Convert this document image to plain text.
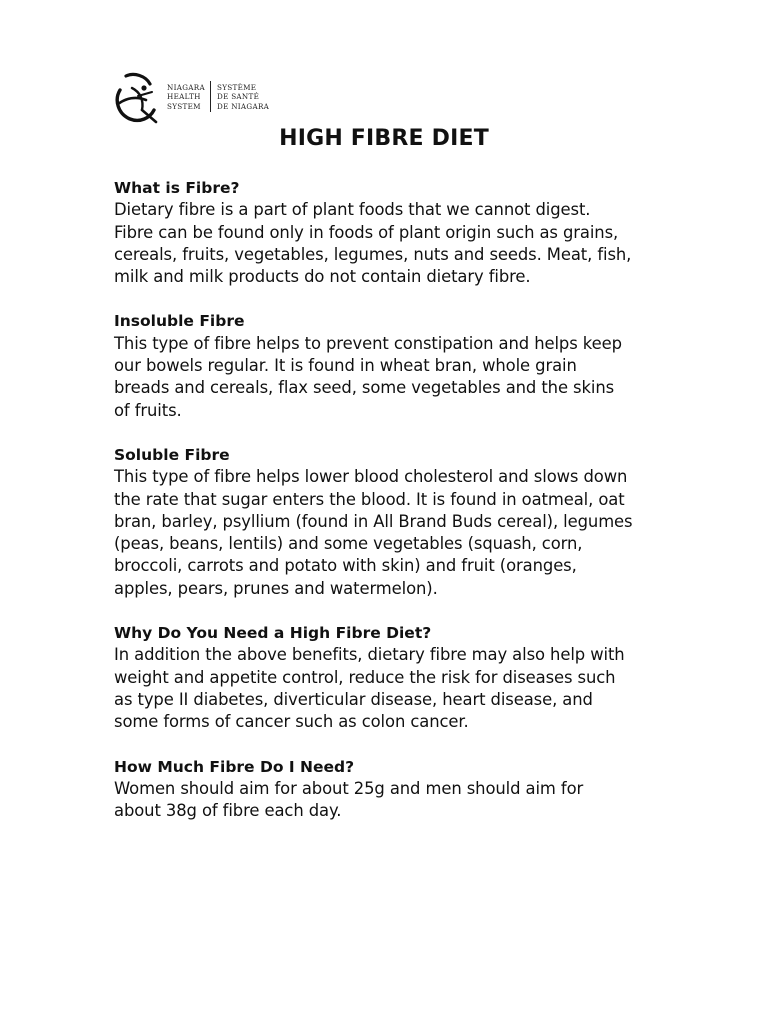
NIAGARA
HEALTH
SYSTEM
SYSTÈME
DE SANTÉ
DE NIAGARA
HIGH FIBRE DIET
What is Fibre?

Dietary fibre is a part of plant foods that we cannot digest.
Fibre can be found only in foods of plant origin such as grains,
cereals, fruits, vegetables, legumes, nuts and seeds. Meat, fish,
milk and milk products do not contain dietary fibre.

Insoluble Fibre

This type of fibre helps to prevent constipation and helps keep
our bowels regular. It is found in wheat bran, whole grain
breads and cereals, flax seed, some vegetables and the skins
of fruits.

Soluble Fibre

This type of fibre helps lower blood cholesterol and slows down
the rate that sugar enters the blood. It is found in oatmeal, oat
bran, barley, psyllium (found in All Brand Buds cereal), legumes
(peas, beans, lentils) and some vegetables (squash, corn,
broccoli, carrots and potato with skin) and fruit (oranges,
apples, pears, prunes and watermelon).

Why Do You Need a High Fibre Diet?

In addition the above benefits, dietary fibre may also help with
weight and appetite control, reduce the risk for diseases such
as type II diabetes, diverticular disease, heart disease, and
some forms of cancer such as colon cancer.

How Much Fibre Do I Need?

Women should aim for about 25g and men should aim for
about 38g of fibre each day.
